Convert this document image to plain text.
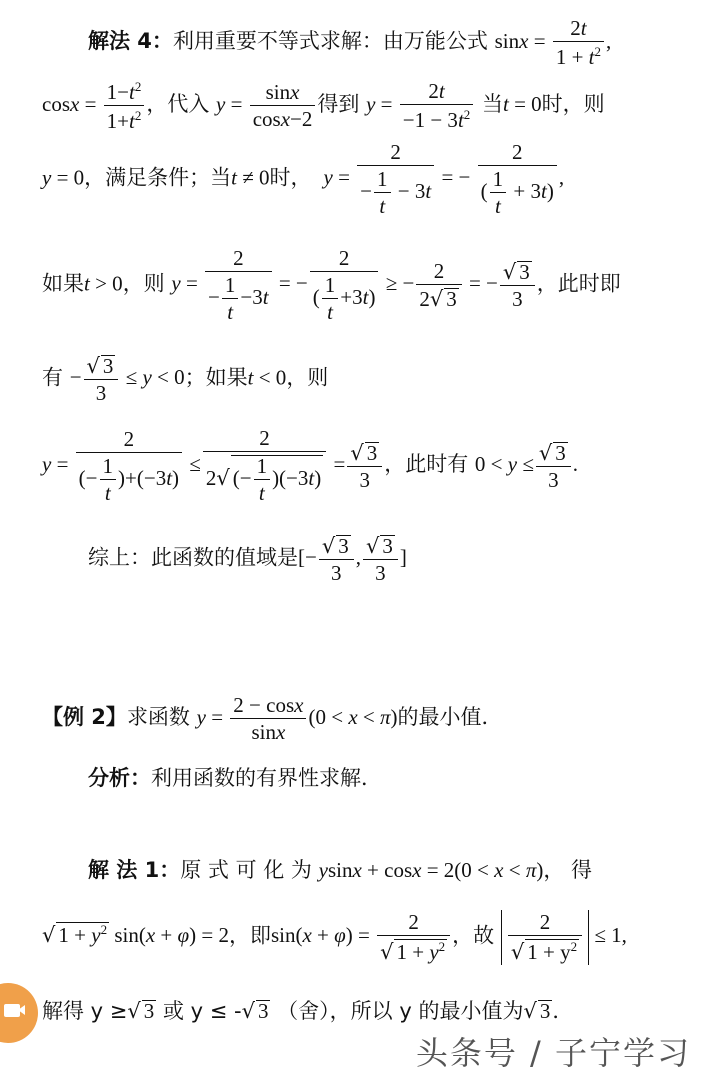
解法 4：利用重要不等式求解：由万能公式 $\sin x = \frac{2t}{1 + t^2}$ ,
$\cos x = \frac{1-t^2}{1+t^2}$ ，代入 $y = \frac{\sin x}{\cos x-2}$ 得到 $y = \frac{2t}{-1 - 3t^2}$ 当t = 0时，则
y = 0，满足条件；当t ≠ 0时， $y = \frac{2}{- \frac{1}{t} - 3t}$ = − $\frac{2}{( \frac{1}{t} + 3t)}$ ,
如果t > 0，则 $y = \frac{2}{- \frac{1}{t} -3t}$ = − $\frac{2}{( \frac{1}{t} +3t)}$ ≥ − $\frac{2}{2√ 3}$ = − $\frac{√ 3}{3}$ ，此时即
有 − $\frac{√ 3}{3} \le y < 0$；如果t < 0，则
$y = \frac{2}{(- \frac{1}{t} )+(-3t)} \le \frac{2}{2√ (- \frac{1}{t} )(-3t)} = \frac{√ 3}{3}$ ，此时有 $0 < y \le \frac{√ 3}{3}$ .
综上：此函数的值域是[− $\frac{√ 3}{3}$ , $\frac{√ 3}{3}$ ]
【例 2】求函数 $y = \frac{2 - \cos x}{\sin x} (0 < x < \pi)$的最小值．
分析：利用函数的有界性求解．
解 法 1：原 式 可 化 为 ysinx + cosx = 2(0 < x < π)， 得
√ $1 + y^2$ sin(x + φ) = 2，即$\sin(x + \varphi) = \frac{2}{√ 1 + y^2}$ ，故 $\frac{2}{√ 1 + y^2} \le 1$,
解得 y ≥√ 3 或 y ≤ -√ 3 （舍），所以 y 的最小值为√ 3．
头条号 / 子宁学习
